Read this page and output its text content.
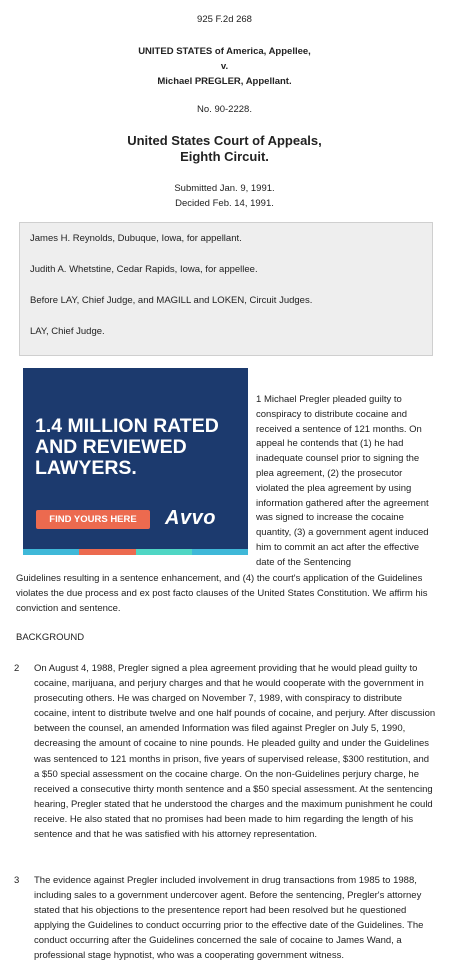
925 F.2d 268
UNITED STATES of America, Appellee,
v.
Michael PREGLER, Appellant.
No. 90-2228.
United States Court of Appeals,
Eighth Circuit.
Submitted Jan. 9, 1991.
Decided Feb. 14, 1991.

James H. Reynolds, Dubuque, Iowa, for appellant.

Judith A. Whetstine, Cedar Rapids, Iowa, for appellee.

Before LAY, Chief Judge, and MAGILL and LOKEN, Circuit Judges.

LAY, Chief Judge.

1.4 MILLION RATED AND REVIEWED LAWYERS.
FIND YOURS HERE	Avvo
1 Michael Pregler pleaded guilty to conspiracy to distribute cocaine and received a sentence of 121 months. On appeal he contends that (1) he had inadequate counsel prior to signing the plea agreement, (2) the prosecutor violated the plea agreement by using information gathered after the agreement was signed to increase the cocaine quantity, (3) a government agent induced him to commit an act after the effective date of the Sentencing
Guidelines resulting in a sentence enhancement, and (4) the court's application of the Guidelines violates the due process and ex post facto clauses of the United States Constitution. We affirm his conviction and sentence.
BACKGROUND
2 On August 4, 1988, Pregler signed a plea agreement providing that he would plead guilty to cocaine, marijuana, and perjury charges and that he would cooperate with the government in prosecuting others. He was charged on November 7, 1989, with conspiracy to distribute cocaine, intent to distribute twelve and one half pounds of cocaine, and perjury. After discussion between the counsel, an amended Information was filed against Pregler on July 5, 1990, decreasing the amount of cocaine to nine pounds. He pleaded guilty and under the Guidelines was sentenced to 121 months in prison, five years of supervised release, $300 restitution, and a $50 special assessment on the cocaine charge. On the non-Guidelines perjury charge, he received a consecutive thirty month sentence and a $50 special assessment. At the sentencing hearing, Pregler stated that he understood the charges and the maximum punishment he could receive. He also stated that no promises had been made to him regarding the length of his sentence and that he was satisfied with his attorney representation.
3 The evidence against Pregler included involvement in drug transactions from 1985 to 1988, including sales to a government undercover agent. Before the sentencing, Pregler's attorney stated that his objections to the presentence report had been resolved but he questioned applying the Guidelines to conduct occurring prior to the effective date of the Guidelines. The conduct occurring after the Guidelines concerned the sale of cocaine to James Wand, a professional stage hypnotist, who was a cooperating government witness.
